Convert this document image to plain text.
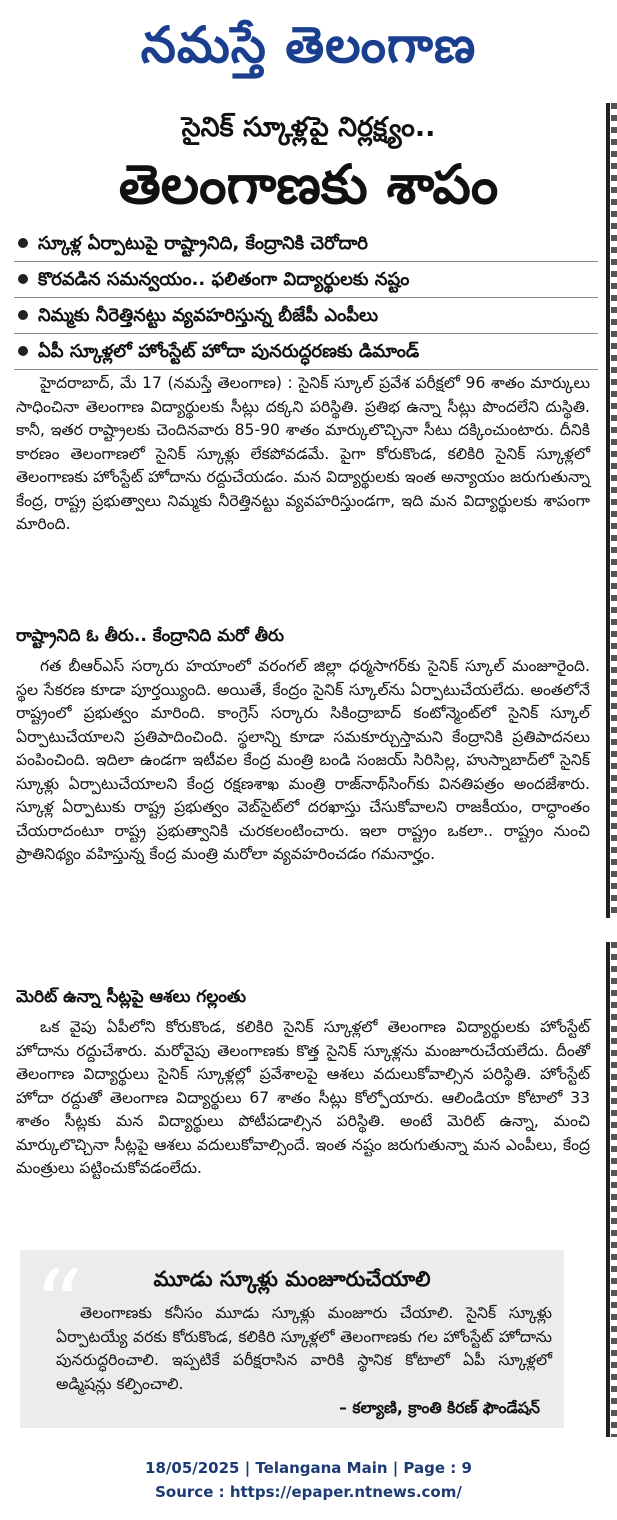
నమస్తే తెలంగాణ
సైనిక్ స్కూళ్లపై నిర్లక్ష్యం..
తెలంగాణకు శాపం
స్కూళ్ల ఏర్పాటుపై రాష్ట్రానిది, కేంద్రానికి చెరోదారి
కొరవడిన సమన్వయం.. ఫలితంగా విద్యార్థులకు నష్టం
నిమ్మకు నీరెత్తినట్టు వ్యవహరిస్తున్న బీజేపీ ఎంపీలు
ఏపీ స్కూళ్లలో హోంస్టేట్ హోదా పునరుద్ధరణకు డిమాండ్

హైదరాబాద్, మే 17 (నమస్తే తెలంగాణ) : సైనిక్ స్కూల్ ప్రవేశ పరీక్షలో 96 శాతం మార్కులు సాధించినా తెలంగాణ విద్యార్థులకు సీట్లు దక్కని పరిస్థితి. ప్రతిభ ఉన్నా సీట్లు పొందలేని దుస్థితి. కానీ, ఇతర రాష్ట్రాలకు చెందినవారు 85-90 శాతం మార్కులొచ్చినా సీటు దక్కించుంటారు. దీనికి కారణం తెలంగాణలో సైనిక్ స్కూళ్లు లేకపోవడమే. పైగా కోరుకొండ, కలికిరి సైనిక్ స్కూళ్లలో తెలంగాణకు హోంస్టేట్ హోదాను రద్దుచేయడం. మన విద్యార్థులకు ఇంత అన్యాయం జరుగుతున్నా కేంద్ర, రాష్ట్ర ప్రభుత్వాలు నిమ్మకు నీరెత్తినట్టు వ్యవహరిస్తుండగా, ఇది మన విద్యార్థులకు శాపంగా మారింది.

రాష్ట్రానిది ఓ తీరు.. కేంద్రానిది మరో తీరు

గత బీఆర్ఎస్ సర్కారు హయాంలో వరంగల్ జిల్లా ధర్మసాగర్‌కు సైనిక్ స్కూల్ మంజూరైంది. స్థల సేకరణ కూడా పూర్తయ్యింది. అయితే, కేంద్రం సైనిక్ స్కూల్‌ను ఏర్పాటుచేయలేదు. అంతలోనే రాష్ట్రంలో ప్రభుత్వం మారింది. కాంగ్రెస్ సర్కారు సికింద్రాబాద్ కంటోన్మెంట్‌లో సైనిక్ స్కూల్ ఏర్పాటుచేయాలని ప్రతిపాదించింది. స్థలాన్ని కూడా సమకూర్చుస్తామని కేంద్రానికి ప్రతిపాదనలు పంపించింది. ఇదిలా ఉండగా ఇటీవల కేంద్ర మంత్రి బండి సంజయ్ సిరిసిల్ల, హుస్నాబాద్‌లో సైనిక్ స్కూళ్లు ఏర్పాటుచేయాలని కేంద్ర రక్షణశాఖ మంత్రి రాజ్‌నాథ్‌సింగ్‌కు వినతిపత్రం అందజేశారు. స్కూళ్ల ఏర్పాటుకు రాష్ట్ర ప్రభుత్వం వెబ్‌సైట్‌లో దరఖాస్తు చేసుకోవాలని రాజకీయం, రాద్ధాంతం చేయరాదంటూ రాష్ట్ర ప్రభుత్వానికి చురకలంటించారు. ఇలా రాష్ట్రం ఒకలా.. రాష్ట్రం నుంచి ప్రాతినిథ్యం వహిస్తున్న కేంద్ర మంత్రి మరోలా వ్యవహరించడం గమనార్హం.

మెరిట్ ఉన్నా సీట్లపై ఆశలు గల్లంతు

ఒక వైపు ఏపీలోని కోరుకొండ, కలికిరి సైనిక్ స్కూళ్లలో తెలంగాణ విద్యార్థులకు హోంస్టేట్ హోదాను రద్దుచేశారు. మరోవైపు తెలంగాణకు కొత్త సైనిక్ స్కూళ్లను మంజూరుచేయలేదు. దీంతో తెలంగాణ విద్యార్థులు సైనిక్ స్కూళ్లల్లో ప్రవేశాలపై ఆశలు వదులుకోవాల్సిన పరిస్థితి. హోంస్టేట్ హోదా రద్దుతో తెలంగాణ విద్యార్థులు 67 శాతం సీట్లు కోల్పోయారు. ఆలిండియా కోటాలో 33 శాతం సీట్లకు మన విద్యార్థులు పోటీపడాల్సిన పరిస్థితి. అంటే మెరిట్ ఉన్నా, మంచి మార్కులొచ్చినా సీట్లపై ఆశలు వదులుకోవాల్సిందే. ఇంత నష్టం జరుగుతున్నా మన ఎంపీలు, కేంద్ర మంత్రులు పట్టించుకోవడంలేదు.

“	మూడు స్కూళ్లు మంజూరుచేయాలి

తెలంగాణకు కనీసం మూడు స్కూళ్లు మంజూరు చేయాలి. సైనిక్ స్కూళ్లు ఏర్పాటయ్యే వరకు కోరుకొండ, కలికిరి స్కూళ్లలో తెలంగాణకు గల హోంస్టేట్ హోదాను పునరుద్ధరించాలి. ఇప్పటికే పరీక్షరాసిన వారికి స్థానిక కోటాలో ఏపీ స్కూళ్లలో అడ్మిషన్లు కల్పించాలి.

– కల్యాణి, క్రాంతి కిరణ్ ఫౌండేషన్
18/05/2025 | Telangana Main | Page : 9
Source : https://epaper.ntnews.com/
